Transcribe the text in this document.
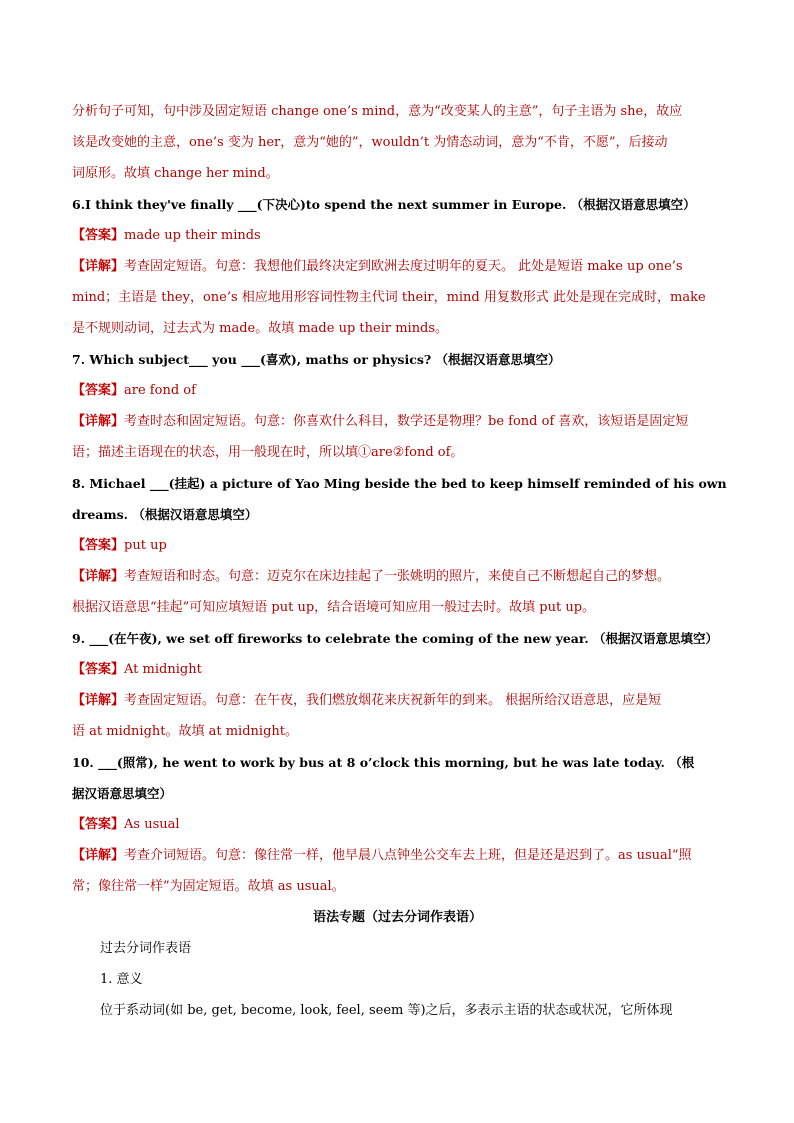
分析句子可知，句中涉及固定短语 change one’s mind，意为“改变某人的主意”，句子主语为 she，故应
该是改变她的主意，one’s 变为 her，意为“她的”，wouldn’t 为情态动词，意为“不肯，不愿”，后接动
词原形。故填 change her mind。
6.I think they've finally ___(下决心)to spend the next summer in Europe. （根据汉语意思填空）
【答案】made up their minds
【详解】考查固定短语。句意：我想他们最终决定到欧洲去度过明年的夏天。 此处是短语 make up one’s
mind；主语是 they，one’s 相应地用形容词性物主代词 their，mind 用复数形式 此处是现在完成时，make
是不规则动词，过去式为 made。故填 made up their minds。
7. Which subject___ you ___(喜欢), maths or physics? （根据汉语意思填空）
【答案】are fond of
【详解】考查时态和固定短语。句意：你喜欢什么科目，数学还是物理？be fond of 喜欢，该短语是固定短
语；描述主语现在的状态，用一般现在时，所以填①are②fond of。
8. Michael ___(挂起) a picture of Yao Ming beside the bed to keep himself reminded of his own
dreams. （根据汉语意思填空）
【答案】put up
【详解】考查短语和时态。句意：迈克尔在床边挂起了一张姚明的照片，来使自己不断想起自己的梦想。
根据汉语意思“挂起”可知应填短语 put up，结合语境可知应用一般过去时。故填 put up。
9. ___(在午夜), we set off fireworks to celebrate the coming of the new year. （根据汉语意思填空）
【答案】At midnight
【详解】考查固定短语。句意：在午夜，我们燃放烟花来庆祝新年的到来。 根据所给汉语意思，应是短
语 at midnight。故填 at midnight。
10. ___(照常), he went to work by bus at 8 o’clock this morning, but he was late today. （根
据汉语意思填空）
【答案】As usual
【详解】考查介词短语。句意：像往常一样，他早晨八点钟坐公交车去上班，但是还是迟到了。as usual“照
常；像往常一样”为固定短语。故填 as usual。
语法专题（过去分词作表语）
过去分词作表语
1. 意义
位于系动词(如 be, get, become, look, feel, seem 等)之后，多表示主语的状态或状况，它所体现
